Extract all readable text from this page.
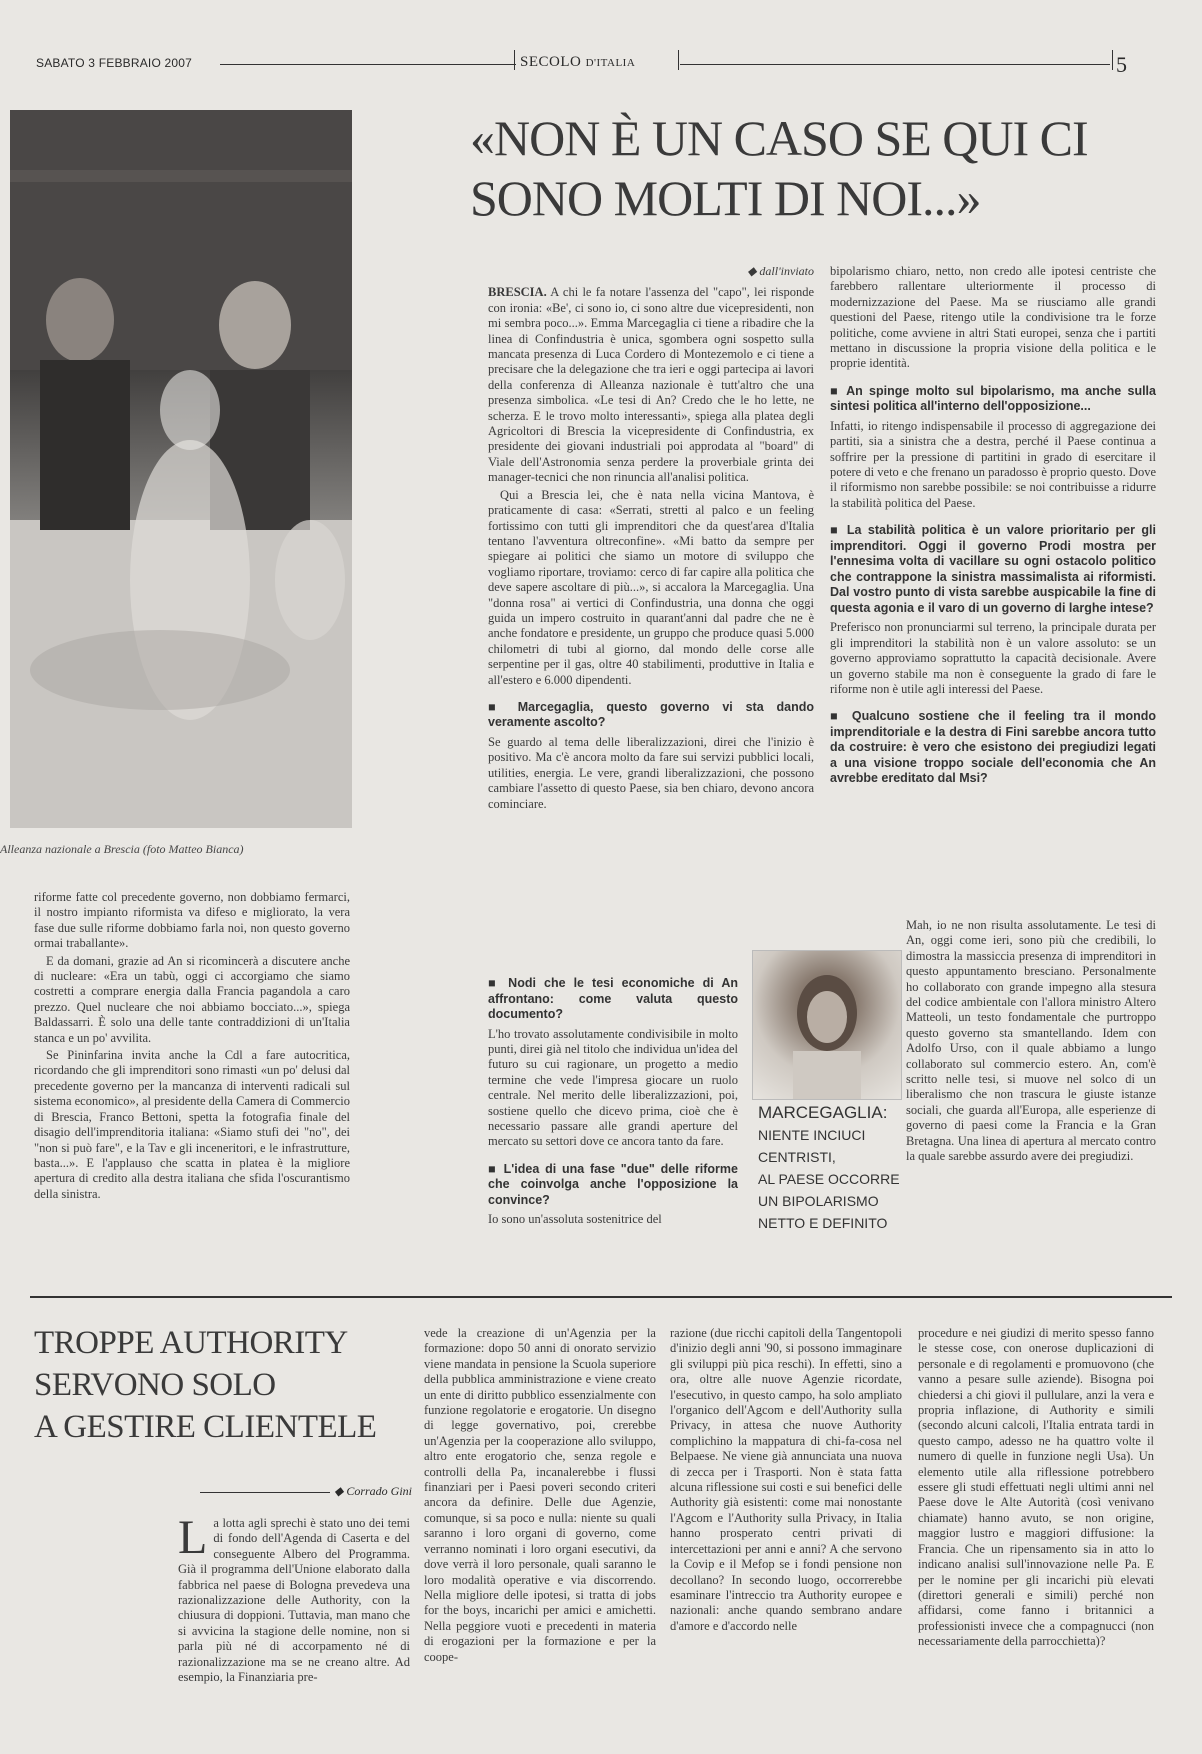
SABATO 3 FEBBRAIO 2007	SECOLO D'ITALIA	5
Alleanza nazionale a Brescia (foto Matteo Bianca)
«NON È UN CASO SE QUI CI SONO MOLTI DI NOI...»

riforme fatte col precedente governo, non dobbiamo fermarci, il nostro impianto riformista va difeso e migliorato, la vera fase due sulle riforme dobbiamo farla noi, non questo governo ormai traballante».

E da domani, grazie ad An si ricomincerà a discutere anche di nucleare: «Era un tabù, oggi ci accorgiamo che siamo costretti a comprare energia dalla Francia pagandola a caro prezzo. Quel nucleare che noi abbiamo bocciato...», spiega Baldassarri. È solo una delle tante contraddizioni di un'Italia stanca e un po' avvilita.

Se Pininfarina invita anche la Cdl a fare autocritica, ricordando che gli imprenditori sono rimasti «un po' delusi dal precedente governo per la mancanza di interventi radicali sul sistema economico», al presidente della Camera di Commercio di Brescia, Franco Bettoni, spetta la fotografia finale del disagio dell'imprenditoria italiana: «Siamo stufi dei "no", dei "non si può fare", e la Tav e gli inceneritori, e le infrastrutture, basta...». E l'applauso che scatta in platea è la migliore apertura di credito alla destra italiana che sfida l'oscurantismo della sinistra.

◆ dall'inviato

BRESCIA. A chi le fa notare l'assenza del "capo", lei risponde con ironia: «Be', ci sono io, ci sono altre due vicepresidenti, non mi sembra poco...». Emma Marcegaglia ci tiene a ribadire che la linea di Confindustria è unica, sgombera ogni sospetto sulla mancata presenza di Luca Cordero di Montezemolo e ci tiene a precisare che la delegazione che tra ieri e oggi partecipa ai lavori della conferenza di Alleanza nazionale è tutt'altro che una presenza simbolica. «Le tesi di An? Credo che le ho lette, ne scherza. E le trovo molto interessanti», spiega alla platea degli Agricoltori di Brescia la vicepresidente di Confindustria, ex presidente dei giovani industriali poi approdata al "board" di Viale dell'Astronomia senza perdere la proverbiale grinta dei manager-tecnici che non rinuncia all'analisi politica.

Qui a Brescia lei, che è nata nella vicina Mantova, è praticamente di casa: «Serrati, stretti al palco e un feeling fortissimo con tutti gli imprenditori che da quest'area d'Italia tentano l'avventura oltreconfine». «Mi batto da sempre per spiegare ai politici che siamo un motore di sviluppo che vogliamo riportare, troviamo: cerco di far capire alla politica che deve sapere ascoltare di più...», si accalora la Marcegaglia. Una "donna rosa" ai vertici di Confindustria, una donna che oggi guida un impero costruito in quarant'anni dal padre che ne è anche fondatore e presidente, un gruppo che produce quasi 5.000 chilometri di tubi al giorno, dal mondo delle corse alle serpentine per il gas, oltre 40 stabilimenti, produttive in Italia e all'estero e 6.000 dipendenti.

■ Marcegaglia, questo governo vi sta dando veramente ascolto?

Se guardo al tema delle liberalizzazioni, direi che l'inizio è positivo. Ma c'è ancora molto da fare sui servizi pubblici locali, utilities, energia. Le vere, grandi liberalizzazioni, che possono cambiare l'assetto di questo Paese, sia ben chiaro, devono ancora cominciare.

■ Nodi che le tesi economiche di An affrontano: come valuta questo documento?

L'ho trovato assolutamente condivisibile in molto punti, direi già nel titolo che individua un'idea del futuro su cui ragionare, un progetto a medio termine che vede l'impresa giocare un ruolo centrale. Nel merito delle liberalizzazioni, poi, sostiene quello che dicevo prima, cioè che è necessario passare alle grandi aperture del mercato su settori dove ce ancora tanto da fare.

■ L'idea di una fase "due" delle riforme che coinvolga anche l'opposizione la convince?

Io sono un'assoluta sostenitrice del

bipolarismo chiaro, netto, non credo alle ipotesi centriste che farebbero rallentare ulteriormente il processo di modernizzazione del Paese. Ma se riusciamo alle grandi questioni del Paese, ritengo utile la condivisione tra le forze politiche, come avviene in altri Stati europei, senza che i partiti mettano in discussione la propria visione della politica e le proprie identità.

■ An spinge molto sul bipolarismo, ma anche sulla sintesi politica all'interno dell'opposizione...

Infatti, io ritengo indispensabile il processo di aggregazione dei partiti, sia a sinistra che a destra, perché il Paese continua a soffrire per la pressione di partitini in grado di esercitare il potere di veto e che frenano un paradosso è proprio questo. Dove il riformismo non sarebbe possibile: se noi contribuisse a ridurre la stabilità politica del Paese.

■ La stabilità politica è un valore prioritario per gli imprenditori. Oggi il governo Prodi mostra per l'ennesima volta di vacillare su ogni ostacolo politico che contrappone la sinistra massimalista ai riformisti. Dal vostro punto di vista sarebbe auspicabile la fine di questa agonia e il varo di un governo di larghe intese?

Preferisco non pronunciarmi sul terreno, la principale durata per gli imprenditori la stabilità non è un valore assoluto: se un governo approviamo soprattutto la capacità decisionale. Avere un governo stabile ma non è conseguente la grado di fare le riforme non è utile agli interessi del Paese.

■ Qualcuno sostiene che il feeling tra il mondo imprenditoriale e la destra di Fini sarebbe ancora tutto da costruire: è vero che esistono dei pregiudizi legati a una visione troppo sociale dell'economia che An avrebbe ereditato dal Msi?

Mah, io ne non risulta assolutamente. Le tesi di An, oggi come ieri, sono più che credibili, lo dimostra la massiccia presenza di imprenditori in questo appuntamento bresciano. Personalmente ho collaborato con grande impegno alla stesura del codice ambientale con l'allora ministro Altero Matteoli, un testo fondamentale che purtroppo questo governo sta smantellando. Idem con Adolfo Urso, con il quale abbiamo a lungo collaborato sul commercio estero. An, com'è scritto nelle tesi, si muove nel solco di un liberalismo che non trascura le giuste istanze sociali, che guarda all'Europa, alle esperienze di governo di paesi come la Francia e la Gran Bretagna. Una linea di apertura al mercato contro la quale sarebbe assurdo avere dei pregiudizi.

MARCEGAGLIA:
NIENTE INCIUCI
CENTRISTI,
AL PAESE OCCORRE
UN BIPOLARISMO
NETTO E DEFINITO
TROPPE AUTHORITY
SERVONO SOLO
A GESTIRE CLIENTELE
◆ Corrado Gini
La lotta agli sprechi è stato uno dei temi di fondo dell'Agenda di Caserta e del conseguente Albero del Programma. Già il programma dell'Unione elaborato dalla fabbrica nel paese di Bologna prevedeva una razionalizzazione delle Authority, con la chiusura di doppioni. Tuttavia, man mano che si avvicina la stagione delle nomine, non si parla più né di accorpamento né di razionalizzazione ma se ne creano altre. Ad esempio, la Finanziaria pre-
vede la creazione di un'Agenzia per la formazione: dopo 50 anni di onorato servizio viene mandata in pensione la Scuola superiore della pubblica amministrazione e viene creato un ente di diritto pubblico essenzialmente con funzione regolatorie e erogatorie. Un disegno di legge governativo, poi, crerebbe un'Agenzia per la cooperazione allo sviluppo, altro ente erogatorio che, senza regole e controlli della Pa, incanalerebbe i flussi finanziari per i Paesi poveri secondo criteri ancora da definire. Delle due Agenzie, comunque, si sa poco e nulla: niente su quali saranno i loro organi di governo, come verranno nominati i loro organi esecutivi, da dove verrà il loro personale, quali saranno le loro modalità operative e via discorrendo. Nella migliore delle ipotesi, si tratta di jobs for the boys, incarichi per amici e amichetti. Nella peggiore vuoti e precedenti in materia di erogazioni per la formazione e per la coope-
razione (due ricchi capitoli della Tangentopoli d'inizio degli anni '90, si possono immaginare gli sviluppi più pica reschi). In effetti, sino a ora, oltre alle nuove Agenzie ricordate, l'esecutivo, in questo campo, ha solo ampliato l'organico dell'Agcom e dell'Authority sulla Privacy, in attesa che nuove Authority complichino la mappatura di chi-fa-cosa nel Belpaese. Ne viene già annunciata una nuova di zecca per i Trasporti. Non è stata fatta alcuna riflessione sui costi e sui benefici delle Authority già esistenti: come mai nonostante l'Agcom e l'Authority sulla Privacy, in Italia hanno prosperato centri privati di intercettazioni per anni e anni? A che servono la Covip e il Mefop se i fondi pensione non decollano? In secondo luogo, occorrerebbe esaminare l'intreccio tra Authority europee e nazionali: anche quando sembrano andare d'amore e d'accordo nelle
procedure e nei giudizi di merito spesso fanno le stesse cose, con onerose duplicazioni di personale e di regolamenti e promuovono (che vanno a pesare sulle aziende). Bisogna poi chiedersi a chi giovi il pullulare, anzi la vera e propria inflazione, di Authority e simili (secondo alcuni calcoli, l'Italia entrata tardi in questo campo, adesso ne ha quattro volte il numero di quelle in funzione negli Usa). Un elemento utile alla riflessione potrebbero essere gli studi effettuati negli ultimi anni nel Paese dove le Alte Autorità (così venivano chiamate) hanno avuto, se non origine, maggior lustro e maggiori diffusione: la Francia. Che un ripensamento sia in atto lo indicano analisi sull'innovazione nelle Pa. E per le nomine per gli incarichi più elevati (direttori generali e simili) perché non affidarsi, come fanno i britannici a professionisti invece che a compagnucci (non necessariamente della parrocchietta)?
